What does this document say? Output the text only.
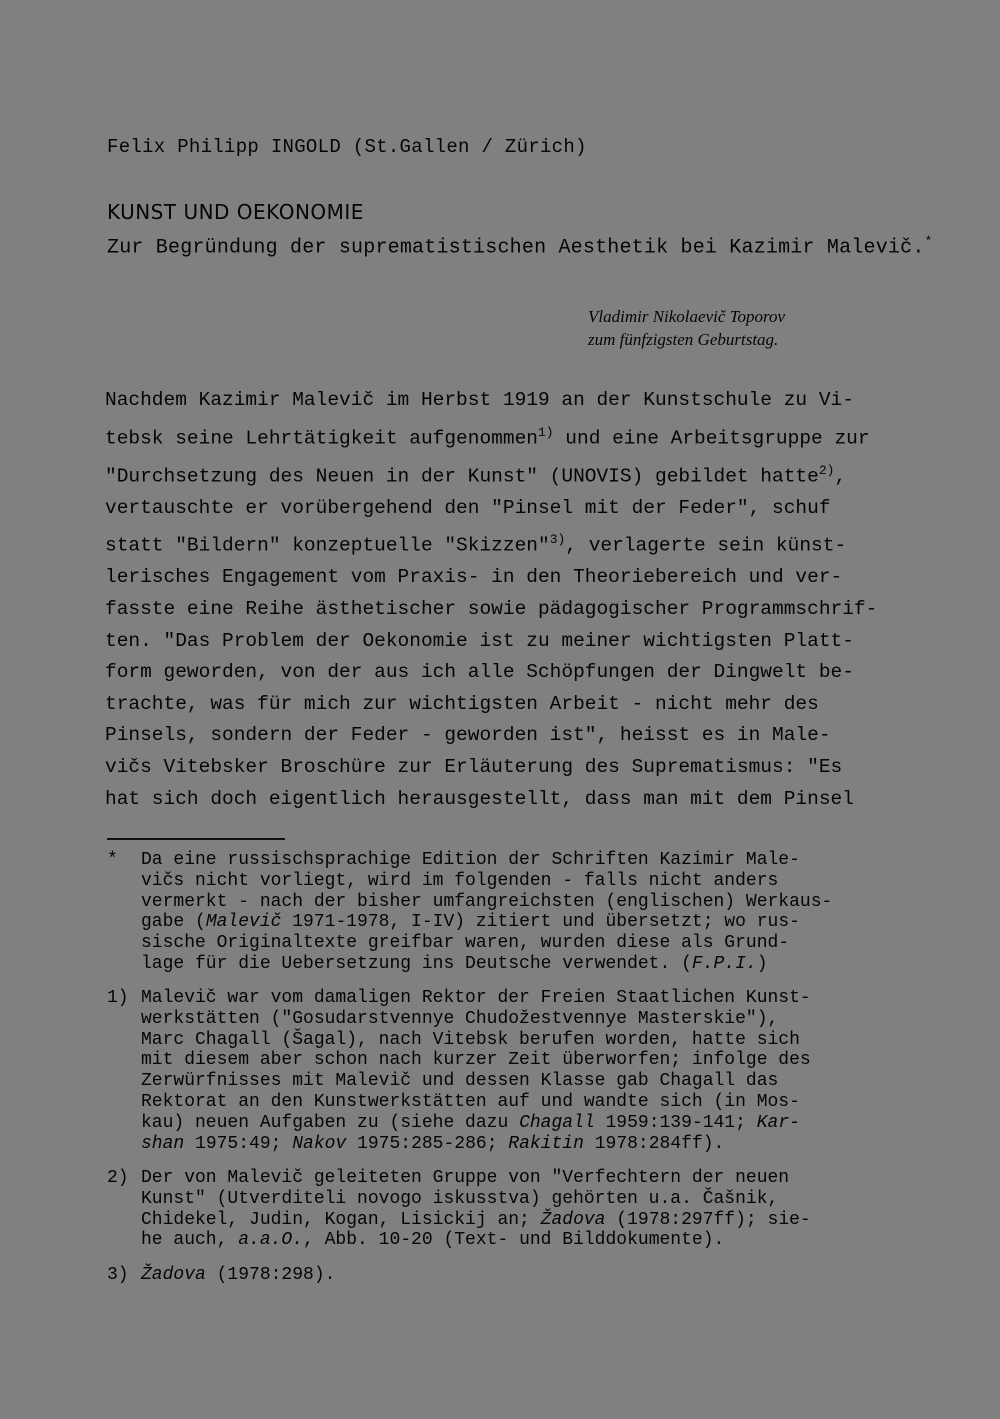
Felix Philipp INGOLD (St.Gallen / Zürich)
KUNST UND OEKONOMIE
Zur Begründung der suprematistischen Aesthetik bei Kazimir Malevič.*
Vladimir Nikolaevič Toporov
zum fünfzigsten Geburtstag.
Nachdem Kazimir Malevič im Herbst 1919 an der Kunstschule zu Vi-
tebsk seine Lehrtätigkeit aufgenommen$^{1)}$ und eine Arbeitsgruppe zur
"Durchsetzung des Neuen in der Kunst" (UNOVIS) gebildet hatte$^{2)}$,
vertauschte er vorübergehend den "Pinsel mit der Feder", schuf
statt "Bildern" konzeptuelle "Skizzen"$^{3)}$, verlagerte sein künst-
lerisches Engagement vom Praxis- in den Theoriebereich und ver-
fasste eine Reihe ästhetischer sowie pädagogischer Programmschrif-
ten. "Das Problem der Oekonomie ist zu meiner wichtigsten Platt-
form geworden, von der aus ich alle Schöpfungen der Dingwelt be-
trachte, was für mich zur wichtigsten Arbeit - nicht mehr des
Pinsels, sondern der Feder - geworden ist", heisst es in Male-
vičs Vitebsker Broschüre zur Erläuterung des Suprematismus: "Es
hat sich doch eigentlich herausgestellt, dass man mit dem Pinsel
* Da eine russischsprachige Edition der Schriften Kazimir Male-
vičs nicht vorliegt, wird im folgenden - falls nicht anders
vermerkt - nach der bisher umfangreichsten (englischen) Werkaus-
gabe (Malevič 1971-1978, I-IV) zitiert und übersetzt; wo rus-
sische Originaltexte greifbar waren, wurden diese als Grund-
lage für die Uebersetzung ins Deutsche verwendet. (F.P.I.)
1) Malevič war vom damaligen Rektor der Freien Staatlichen Kunst-
werkstätten ("Gosudarstvennye Chudožestvennye Masterskie"),
Marc Chagall (Šagal), nach Vitebsk berufen worden, hatte sich
mit diesem aber schon nach kurzer Zeit überworfen; infolge des
Zerwürfnisses mit Malevič und dessen Klasse gab Chagall das
Rektorat an den Kunstwerkstätten auf und wandte sich (in Mos-
kau) neuen Aufgaben zu (siehe dazu Chagall 1959:139-141; Kar-
shan 1975:49; Nakov 1975:285-286; Rakitin 1978:284ff).
2) Der von Malevič geleiteten Gruppe von "Verfechtern der neuen
Kunst" (Utverditeli novogo iskusstva) gehörten u.a. Čašnik,
Chidekel, Judin, Kogan, Lisickij an; Žadova (1978:297ff); sie-
he auch, a.a.O., Abb. 10-20 (Text- und Bilddokumente).
3) Žadova (1978:298).
